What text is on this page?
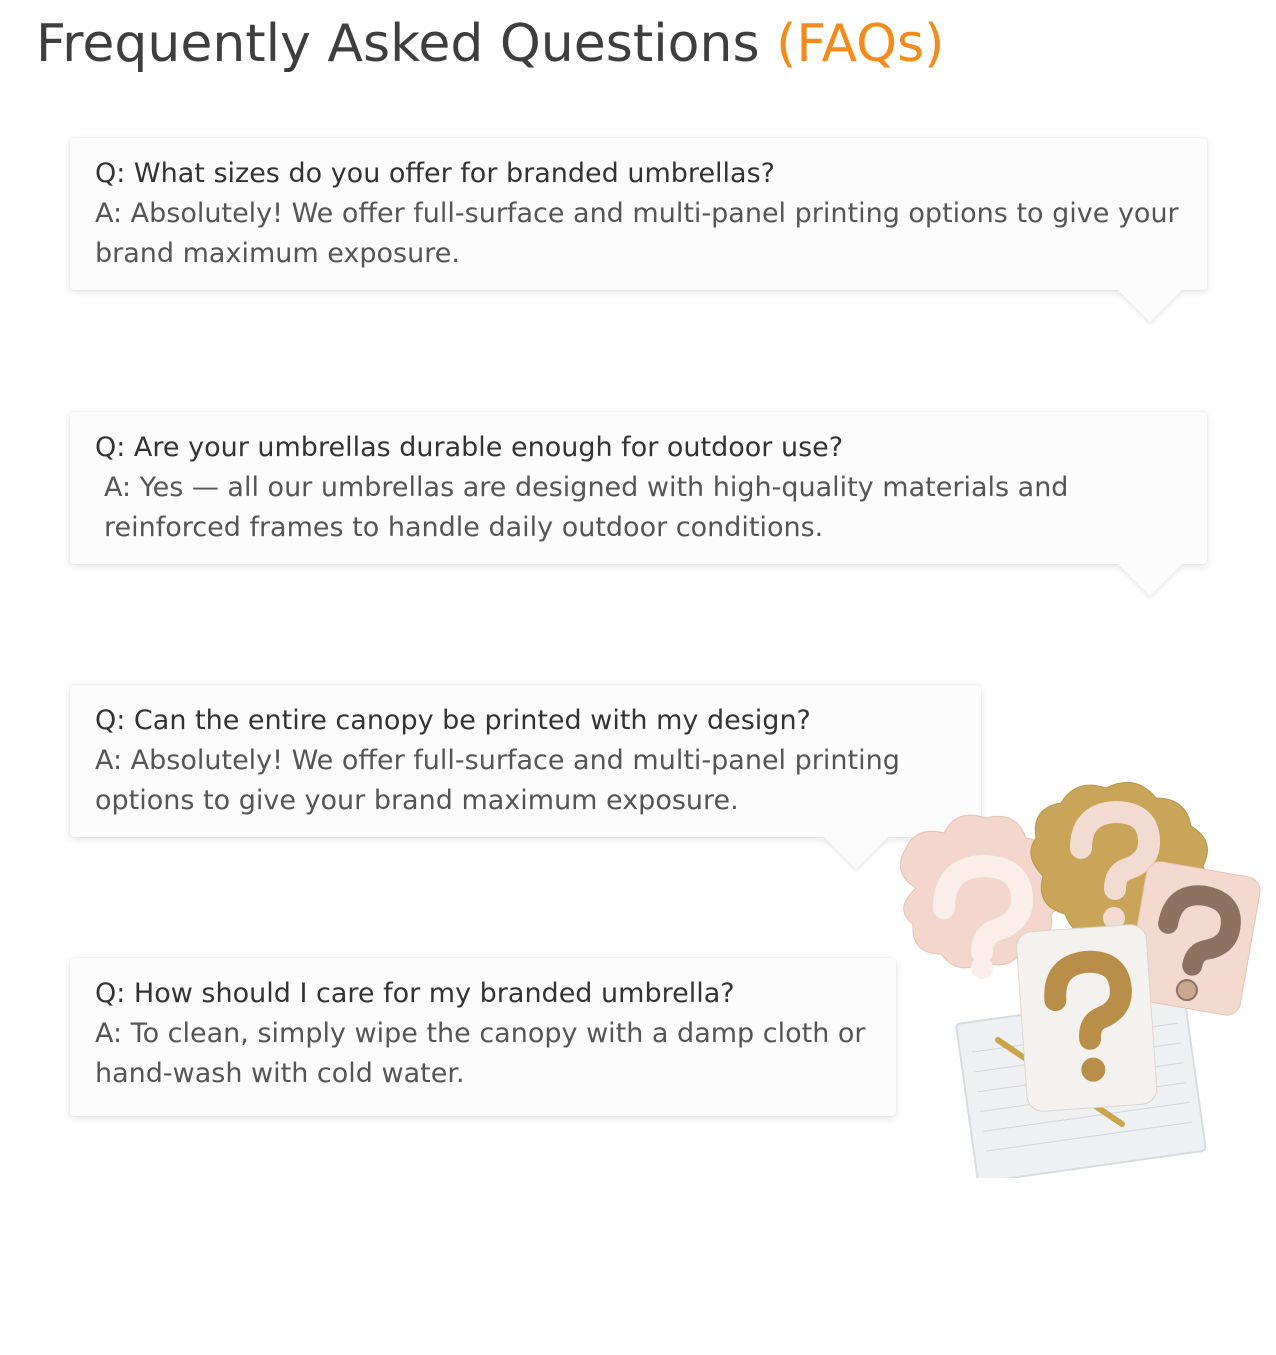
Frequently Asked Questions (FAQs)
Q: What sizes do you offer for branded umbrellas?
A: Absolutely! We offer full-surface and multi-panel printing options to give your brand maximum exposure.
Q: Are your umbrellas durable enough for outdoor use?
A: Yes — all our umbrellas are designed with high-quality materials and reinforced frames to handle daily outdoor conditions.
Q: Can the entire canopy be printed with my design?
A: Absolutely! We offer full-surface and multi-panel printing options to give your brand maximum exposure.
Q: How should I care for my branded umbrella?
A: To clean, simply wipe the canopy with a damp cloth or hand-wash with cold water.
